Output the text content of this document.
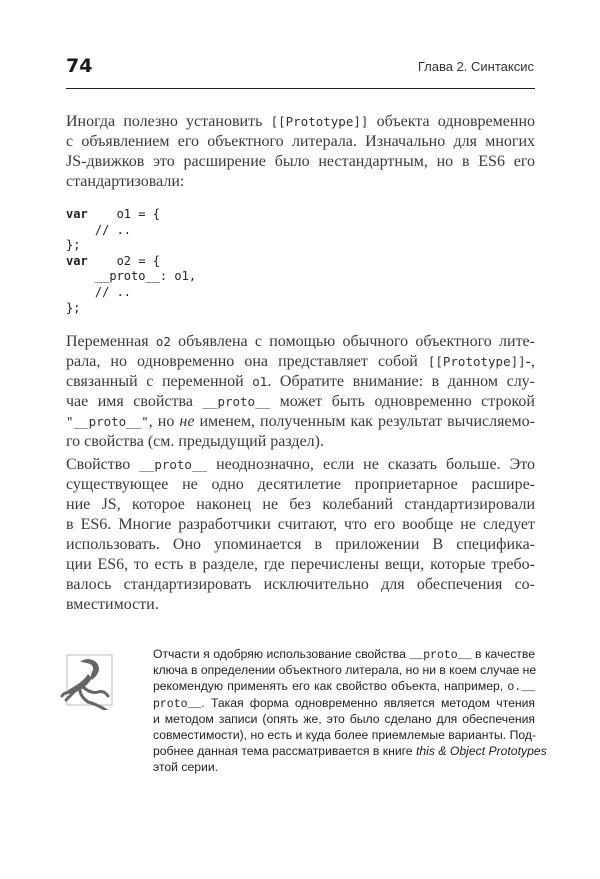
74	Глава 2. Синтаксис
Иногда полезно установить [[Prototype]] объекта одновременно
с объявлением его объектного литерала. Изначально для многих
JS-движков это расширение было нестандартным, но в ES6 его
стандартизовали:
var    o1 = {
// ..
};
var    o2 = {
__proto__: o1,
// ..
};
Переменная o2 объявлена с помощью обычного объектного лите-
рала, но одновременно она представляет собой [[Prototype]]-,
связанный с переменной o1. Обратите внимание: в данном слу-
чае имя свойства __proto__ может быть одновременно строкой
"__proto__", но не именем, полученным как результат вычисляемо-
го свойства (см. предыдущий раздел).
Свойство __proto__ неоднозначно, если не сказать больше. Это
существующее не одно десятилетие проприетарное расшире-
ние JS, которое наконец не без колебаний стандартизировали
в ES6. Многие разработчики считают, что его вообще не следует
использовать. Оно упоминается в приложении B специфика-
ции ES6, то есть в разделе, где перечислены вещи, которые требо-
валось стандартизировать исключительно для обеспечения со-
вместимости.
Отчасти я одобряю использование свойства __proto__ в качестве
ключа в определении объектного литерала, но ни в коем случае не
рекомендую применять его как свойство объекта, например, o.__
proto__. Такая форма одновременно является методом чтения
и методом записи (опять же, это было сделано для обеспечения
совместимости), но есть и куда более приемлемые варианты. Под-
робнее данная тема рассматривается в книге this & Object Prototypes
этой серии.
